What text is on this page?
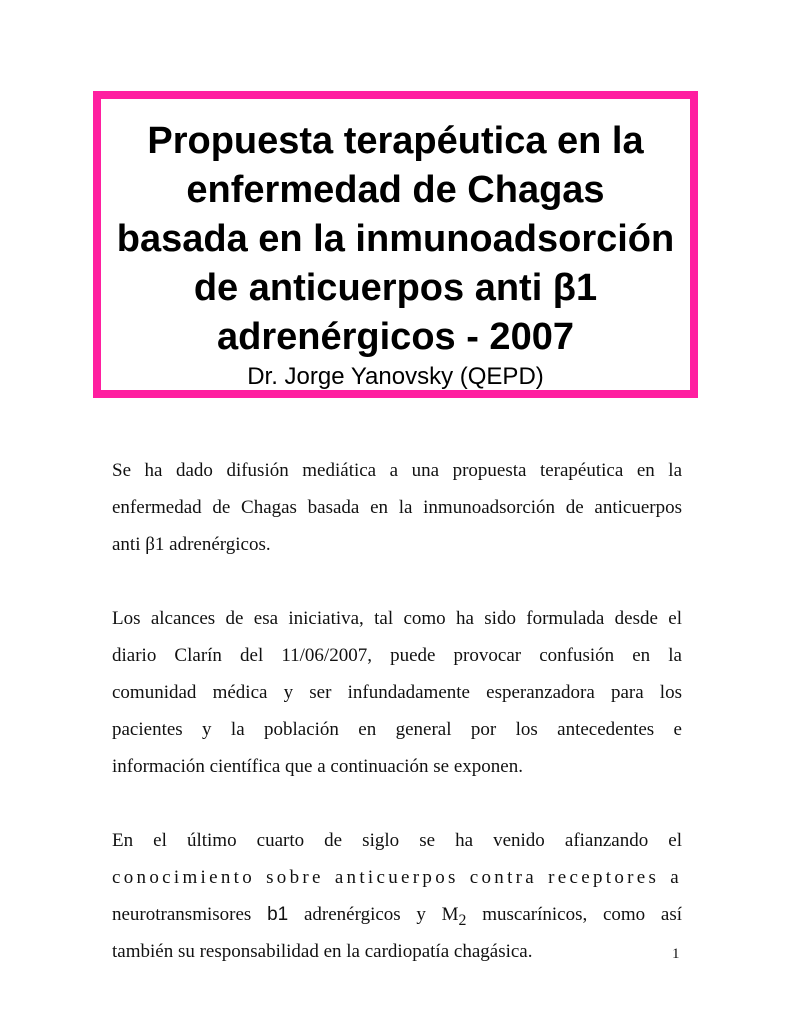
Propuesta terapéutica en la
enfermedad de Chagas
basada en la inmunoadsorción
de anticuerpos anti β1
adrenérgicos - 2007
Dr. Jorge Yanovsky (QEPD)

Se ha dado difusión mediática a una propuesta terapéutica en la
enfermedad de Chagas basada en la inmunoadsorción de anticuerpos
anti β1 adrenérgicos.

Los alcances de esa iniciativa, tal como ha sido formulada desde el
diario Clarín del 11/06/2007, puede provocar confusión en la
comunidad médica y ser infundadamente esperanzadora para los
pacientes y la población en general por los antecedentes e
información científica que a continuación se exponen.

En el último cuarto de siglo se ha venido afianzando el
conocimiento sobre anticuerpos contra receptores a
neurotransmisores b1 adrenérgicos y $M_2$ muscarínicos, como así
también su responsabilidad en la cardiopatía chagásica.	1
